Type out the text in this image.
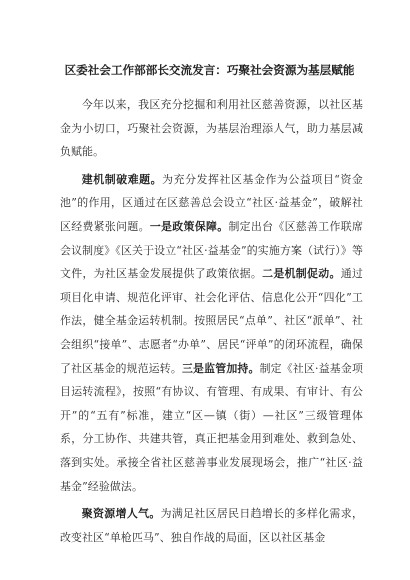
区委社会工作部部长交流发言：巧聚社会资源为基层赋能

今年以来，我区充分挖掘和利用社区慈善资源，以社区基金为小切口，巧聚社会资源，为基层治理添人气，助力基层减负赋能。

建机制破难题。为充分发挥社区基金作为公益项目“资金池”的作用，区通过在区慈善总会设立“社区·益基金”，破解社区经费紧张问题。一是政策保障。制定出台《区慈善工作联席会议制度》《区关于设立“社区·益基金”的实施方案（试行）》等文件，为社区基金发展提供了政策依据。二是机制促动。通过项目化申请、规范化评审、社会化评估、信息化公开“四化”工作法，健全基金运转机制。按照居民“点单”、社区“派单”、社会组织“接单”、志愿者“办单”、居民“评单”的闭环流程，确保了社区基金的规范运转。三是监管加持。制定《社区·益基金项目运转流程》，按照“有协议、有管理、有成果、有审计、有公开”的“五有”标准，建立“区—镇（街）—社区”三级管理体系，分工协作、共建共管，真正把基金用到难处、救到急处、落到实处。承接全省社区慈善事业发展现场会，推广“社区·益基金”经验做法。

聚资源增人气。为满足社区居民日趋增长的多样化需求，改变社区“单枪匹马”、独自作战的局面，区以社区基金
